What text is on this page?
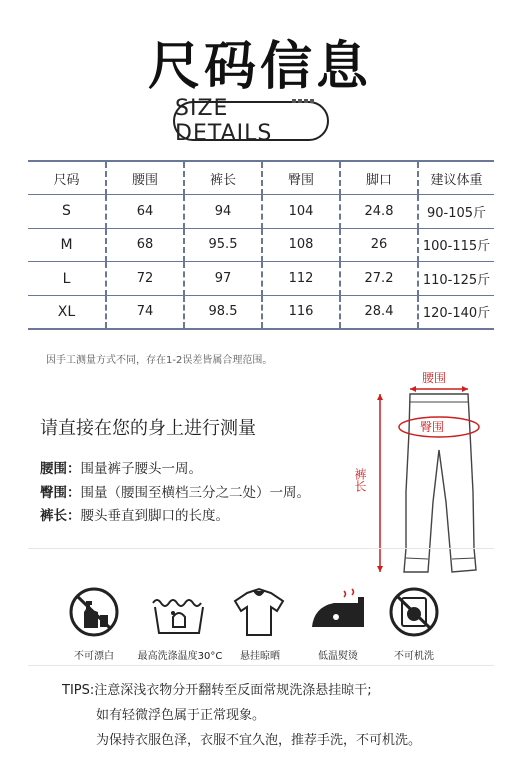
尺码信息
SIZE DETAILS
尺码	腰围	裤长	臀围	脚口	建议体重
S	64	94	104	24.8	90-105斤
M	68	95.5	108	26	100-115斤
L	72	97	112	27.2	110-125斤
XL	74	98.5	116	28.4	120-140斤
因手工测量方式不同，存在1-2误差皆属合理范围。
请直接在您的身上进行测量
腰围：围量裤子腰头一周。
臀围：围量（腰围至横档三分之二处）一周。
裤长：腰头垂直到脚口的长度。
腰围
臀围
裤长
不可漂白	最高洗涤温度30°C	悬挂晾晒	低温熨烫	不可机洗
TIPS:注意深浅衣物分开翻转至反面常规洗涤悬挂晾干;
如有轻微浮色属于正常现象。
为保持衣服色泽，衣服不宜久泡，推荐手洗，不可机洗。
